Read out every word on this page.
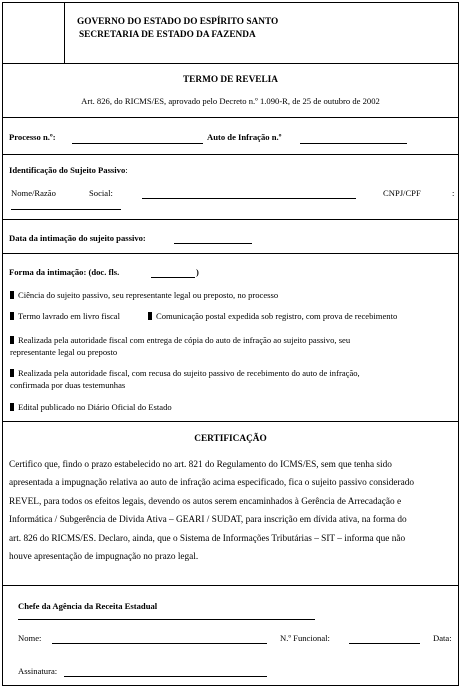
GOVERNO DO ESTADO DO ESPÍRITO SANTO
SECRETARIA DE ESTADO DA FAZENDA
TERMO DE REVELIA
Art. 826, do RICMS/ES, aprovado pelo Decreto n.º 1.090-R, de 25 de outubro de 2002
Processo n.º:	Auto de Infração n.º
Identificação do Sujeito Passivo:
Nome/Razão	Social:	CNPJ/CPF	:
Data da intimação do sujeito passivo:
Forma da intimação: (doc. fls.	)
Ciência do sujeito passivo, seu representante legal ou preposto, no processo
Termo lavrado em livro fiscal	Comunicação postal expedida sob registro, com prova de recebimento
Realizada pela autoridade fiscal com entrega de cópia do auto de infração ao sujeito passivo, seu
representante legal ou preposto
Realizada pela autoridade fiscal, com recusa do sujeito passivo de recebimento do auto de infração,
confirmada por duas testemunhas
Edital publicado no Diário Oficial do Estado
CERTIFICAÇÃO
Certifico que, findo o prazo estabelecido no art. 821 do Regulamento do ICMS/ES, sem que tenha sido
apresentada a impugnação relativa ao auto de infração acima especificado, fica o sujeito passivo considerado
REVEL, para todos os efeitos legais, devendo os autos serem encaminhados à Gerência de Arrecadação e
Informática / Subgerência de Divida Ativa – GEARI / SUDAT, para inscrição em dívida ativa, na forma do
art. 826 do RICMS/ES. Declaro, ainda, que o Sistema de Informações Tributárias – SIT – informa que não
houve apresentação de impugnação no prazo legal.
Chefe da Agência da Receita Estadual
Nome:	N.º Funcional:	Data:
Assinatura:
